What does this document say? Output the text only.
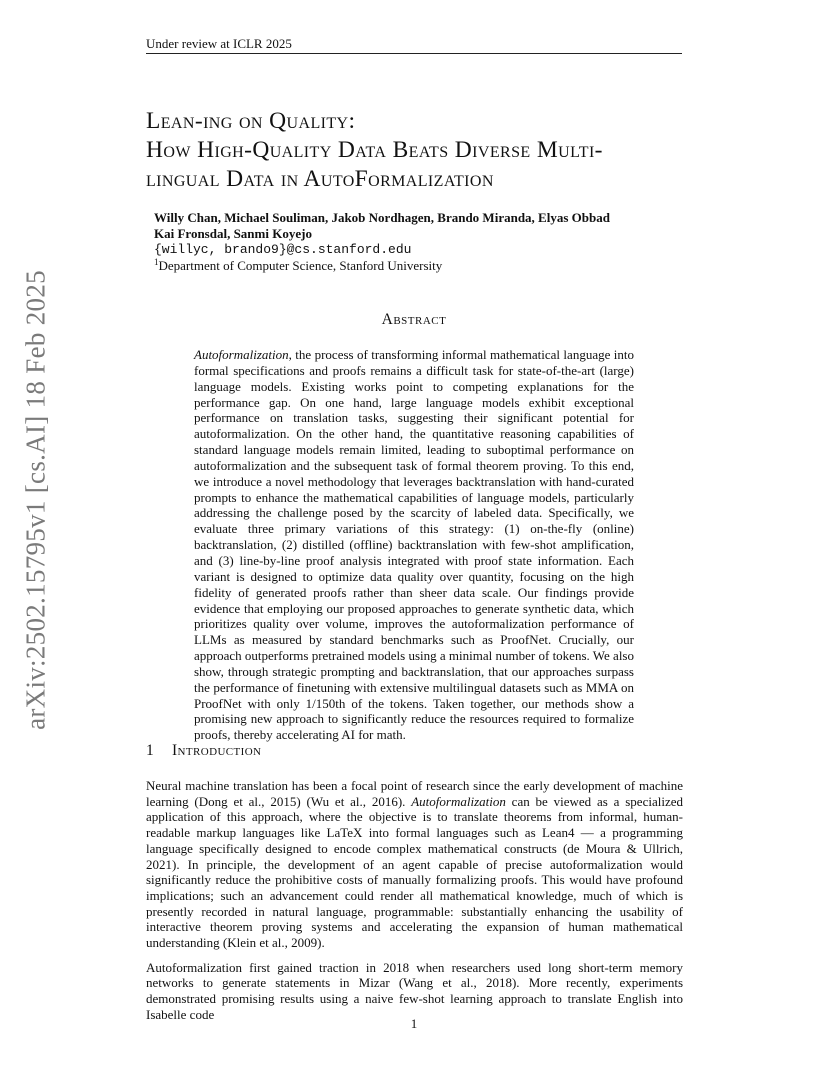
Under review at ICLR 2025
arXiv:2502.15795v1 [cs.AI] 18 Feb 2025
Lean-ing on Quality:
How High-Quality Data Beats Diverse Multi-
lingual Data in AutoFormalization
Willy Chan, Michael Souliman, Jakob Nordhagen, Brando Miranda, Elyas Obbad
Kai Fronsdal, Sanmi Koyejo
{willyc, brando9}@cs.stanford.edu
$^1$Department of Computer Science, Stanford University
Abstract
Autoformalization, the process of transforming informal mathematical language into formal specifications and proofs remains a difficult task for state-of-the-art (large) language models. Existing works point to competing explanations for the performance gap. On one hand, large language models exhibit exceptional performance on translation tasks, suggesting their significant potential for autoformalization. On the other hand, the quantitative reasoning capabilities of standard language models remain limited, leading to suboptimal performance on autoformalization and the subsequent task of formal theorem proving. To this end, we introduce a novel methodology that leverages backtranslation with hand-curated prompts to enhance the mathematical capabilities of language models, particularly addressing the challenge posed by the scarcity of labeled data. Specifically, we evaluate three primary variations of this strategy: (1) on-the-fly (online) backtranslation, (2) distilled (offline) backtranslation with few-shot amplification, and (3) line-by-line proof analysis integrated with proof state information. Each variant is designed to optimize data quality over quantity, focusing on the high fidelity of generated proofs rather than sheer data scale. Our findings provide evidence that employing our proposed approaches to generate synthetic data, which prioritizes quality over volume, improves the autoformalization performance of LLMs as measured by standard benchmarks such as ProofNet. Crucially, our approach outperforms pretrained models using a minimal number of tokens. We also show, through strategic prompting and backtranslation, that our approaches surpass the performance of finetuning with extensive multilingual datasets such as MMA on ProofNet with only 1/150th of the tokens. Taken together, our methods show a promising new approach to significantly reduce the resources required to formalize proofs, thereby accelerating AI for math.
1 Introduction

Neural machine translation has been a focal point of research since the early development of machine learning (Dong et al., 2015) (Wu et al., 2016). Autoformalization can be viewed as a specialized application of this approach, where the objective is to translate theorems from informal, human-readable markup languages like LaTeX into formal languages such as Lean4 — a programming language specifically designed to encode complex mathematical constructs (de Moura & Ullrich, 2021). In principle, the development of an agent capable of precise autoformalization would significantly reduce the prohibitive costs of manually formalizing proofs. This would have profound implications; such an advancement could render all mathematical knowledge, much of which is presently recorded in natural language, programmable: substantially enhancing the usability of interactive theorem proving systems and accelerating the expansion of human mathematical understanding (Klein et al., 2009).

Autoformalization first gained traction in 2018 when researchers used long short-term memory networks to generate statements in Mizar (Wang et al., 2018). More recently, experiments demonstrated promising results using a naive few-shot learning approach to translate English into Isabelle code

1
